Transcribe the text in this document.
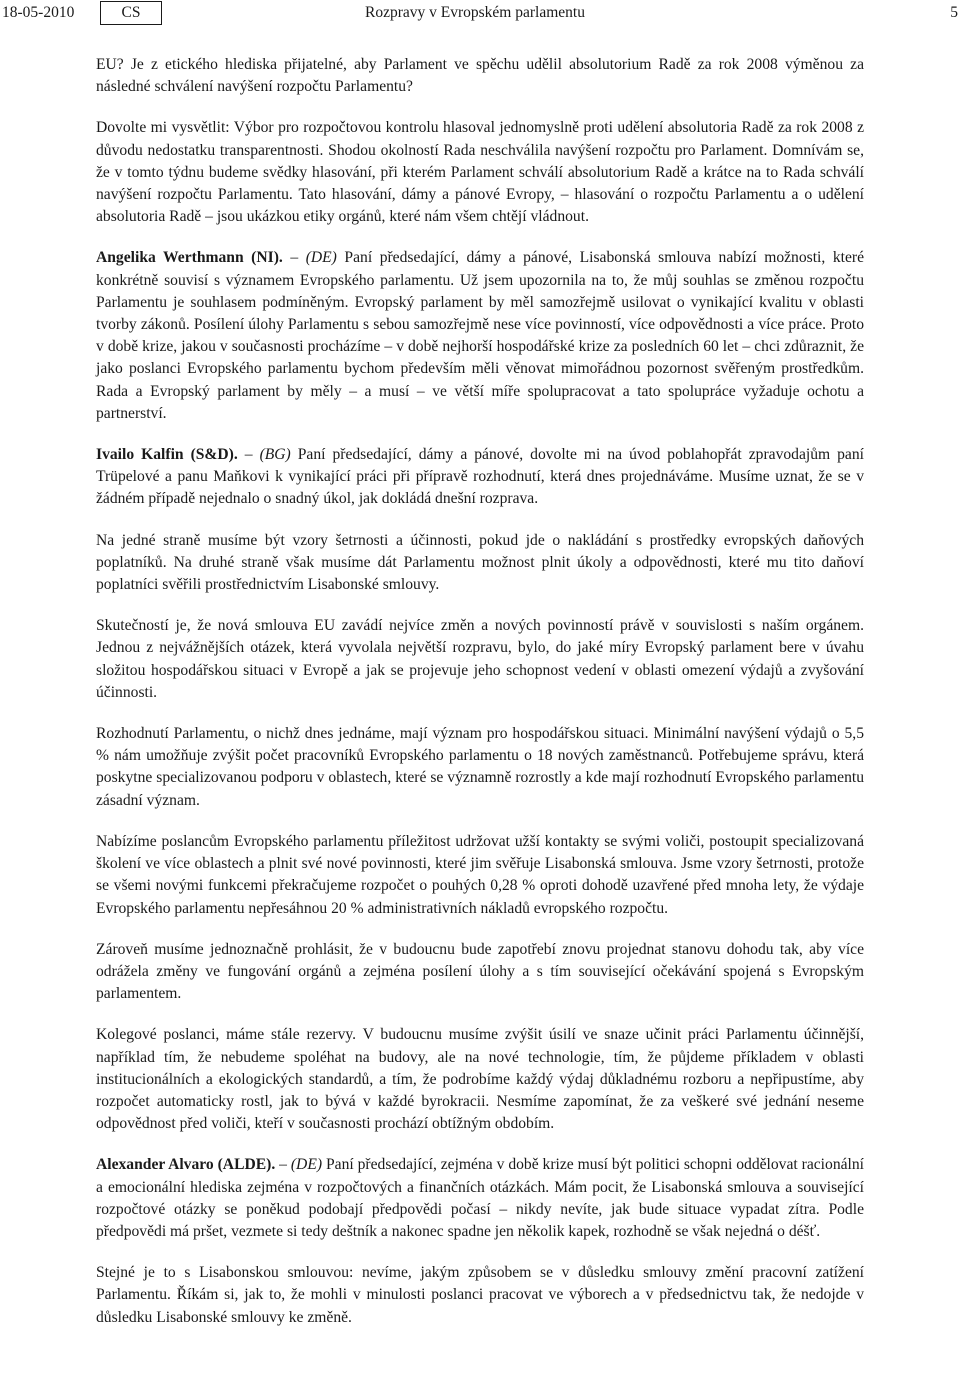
18-05-2010	CS	Rozpravy v Evropském parlamentu	5

EU? Je z etického hlediska přijatelné, aby Parlament ve spěchu udělil absolutorium Radě za rok 2008 výměnou za následné schválení navýšení rozpočtu Parlamentu?

Dovolte mi vysvětlit: Výbor pro rozpočtovou kontrolu hlasoval jednomyslně proti udělení absolutoria Radě za rok 2008 z důvodu nedostatku transparentnosti. Shodou okolností Rada neschválila navýšení rozpočtu pro Parlament. Domnívám se, že v tomto týdnu budeme svědky hlasování, při kterém Parlament schválí absolutorium Radě a krátce na to Rada schválí navýšení rozpočtu Parlamentu. Tato hlasování, dámy a pánové Evropy, – hlasování o rozpočtu Parlamentu a o udělení absolutoria Radě – jsou ukázkou etiky orgánů, které nám všem chtějí vládnout.

Angelika Werthmann (NI). – (DE) Paní předsedající, dámy a pánové, Lisabonská smlouva nabízí možnosti, které konkrétně souvisí s významem Evropského parlamentu. Už jsem upozornila na to, že můj souhlas se změnou rozpočtu Parlamentu je souhlasem podmíněným. Evropský parlament by měl samozřejmě usilovat o vynikající kvalitu v oblasti tvorby zákonů. Posílení úlohy Parlamentu s sebou samozřejmě nese více povinností, více odpovědnosti a více práce. Proto v době krize, jakou v současnosti procházíme – v době nejhorší hospodářské krize za posledních 60 let – chci zdůraznit, že jako poslanci Evropského parlamentu bychom především měli věnovat mimořádnou pozornost svěřeným prostředkům. Rada a Evropský parlament by měly – a musí – ve větší míře spolupracovat a tato spolupráce vyžaduje ochotu a partnerství.

Ivailo Kalfin (S&D). – (BG) Paní předsedající, dámy a pánové, dovolte mi na úvod poblahopřát zpravodajům paní Trüpelové a panu Maňkovi k vynikající práci při přípravě rozhodnutí, která dnes projednáváme. Musíme uznat, že se v žádném případě nejednalo o snadný úkol, jak dokládá dnešní rozprava.

Na jedné straně musíme být vzory šetrnosti a účinnosti, pokud jde o nakládání s prostředky evropských daňových poplatníků. Na druhé straně však musíme dát Parlamentu možnost plnit úkoly a odpovědnosti, které mu tito daňoví poplatníci svěřili prostřednictvím Lisabonské smlouvy.

Skutečností je, že nová smlouva EU zavádí nejvíce změn a nových povinností právě v souvislosti s naším orgánem. Jednou z nejvážnějších otázek, která vyvolala největší rozpravu, bylo, do jaké míry Evropský parlament bere v úvahu složitou hospodářskou situaci v Evropě a jak se projevuje jeho schopnost vedení v oblasti omezení výdajů a zvyšování účinnosti.

Rozhodnutí Parlamentu, o nichž dnes jednáme, mají význam pro hospodářskou situaci. Minimální navýšení výdajů o 5,5 % nám umožňuje zvýšit počet pracovníků Evropského parlamentu o 18 nových zaměstnanců. Potřebujeme správu, která poskytne specializovanou podporu v oblastech, které se významně rozrostly a kde mají rozhodnutí Evropského parlamentu zásadní význam.

Nabízíme poslancům Evropského parlamentu příležitost udržovat užší kontakty se svými voliči, postoupit specializovaná školení ve více oblastech a plnit své nové povinnosti, které jim svěřuje Lisabonská smlouva. Jsme vzory šetrnosti, protože se všemi novými funkcemi překračujeme rozpočet o pouhých 0,28 % oproti dohodě uzavřené před mnoha lety, že výdaje Evropského parlamentu nepřesáhnou 20 % administrativních nákladů evropského rozpočtu.

Zároveň musíme jednoznačně prohlásit, že v budoucnu bude zapotřebí znovu projednat stanovu dohodu tak, aby více odrážela změny ve fungování orgánů a zejména posílení úlohy a s tím související očekávání spojená s Evropským parlamentem.

Kolegové poslanci, máme stále rezervy. V budoucnu musíme zvýšit úsilí ve snaze učinit práci Parlamentu účinnější, například tím, že nebudeme spoléhat na budovy, ale na nové technologie, tím, že půjdeme příkladem v oblasti institucionálních a ekologických standardů, a tím, že podrobíme každý výdaj důkladnému rozboru a nepřipustíme, aby rozpočet automaticky rostl, jak to bývá v každé byrokracii. Nesmíme zapomínat, že za veškeré své jednání neseme odpovědnost před voliči, kteří v současnosti prochází obtížným obdobím.

Alexander Alvaro (ALDE). – (DE) Paní předsedající, zejména v době krize musí být politici schopni oddělovat racionální a emocionální hlediska zejména v rozpočtových a finančních otázkách. Mám pocit, že Lisabonská smlouva a související rozpočtové otázky se poněkud podobají předpovědi počasí – nikdy nevíte, jak bude situace vypadat zítra. Podle předpovědi má pršet, vezmete si tedy deštník a nakonec spadne jen několik kapek, rozhodně se však nejedná o déšť.

Stejné je to s Lisabonskou smlouvou: nevíme, jakým způsobem se v důsledku smlouvy změní pracovní zatížení Parlamentu. Říkám si, jak to, že mohli v minulosti poslanci pracovat ve výborech a v předsednictvu tak, že nedojde v důsledku Lisabonské smlouvy ke změně.
